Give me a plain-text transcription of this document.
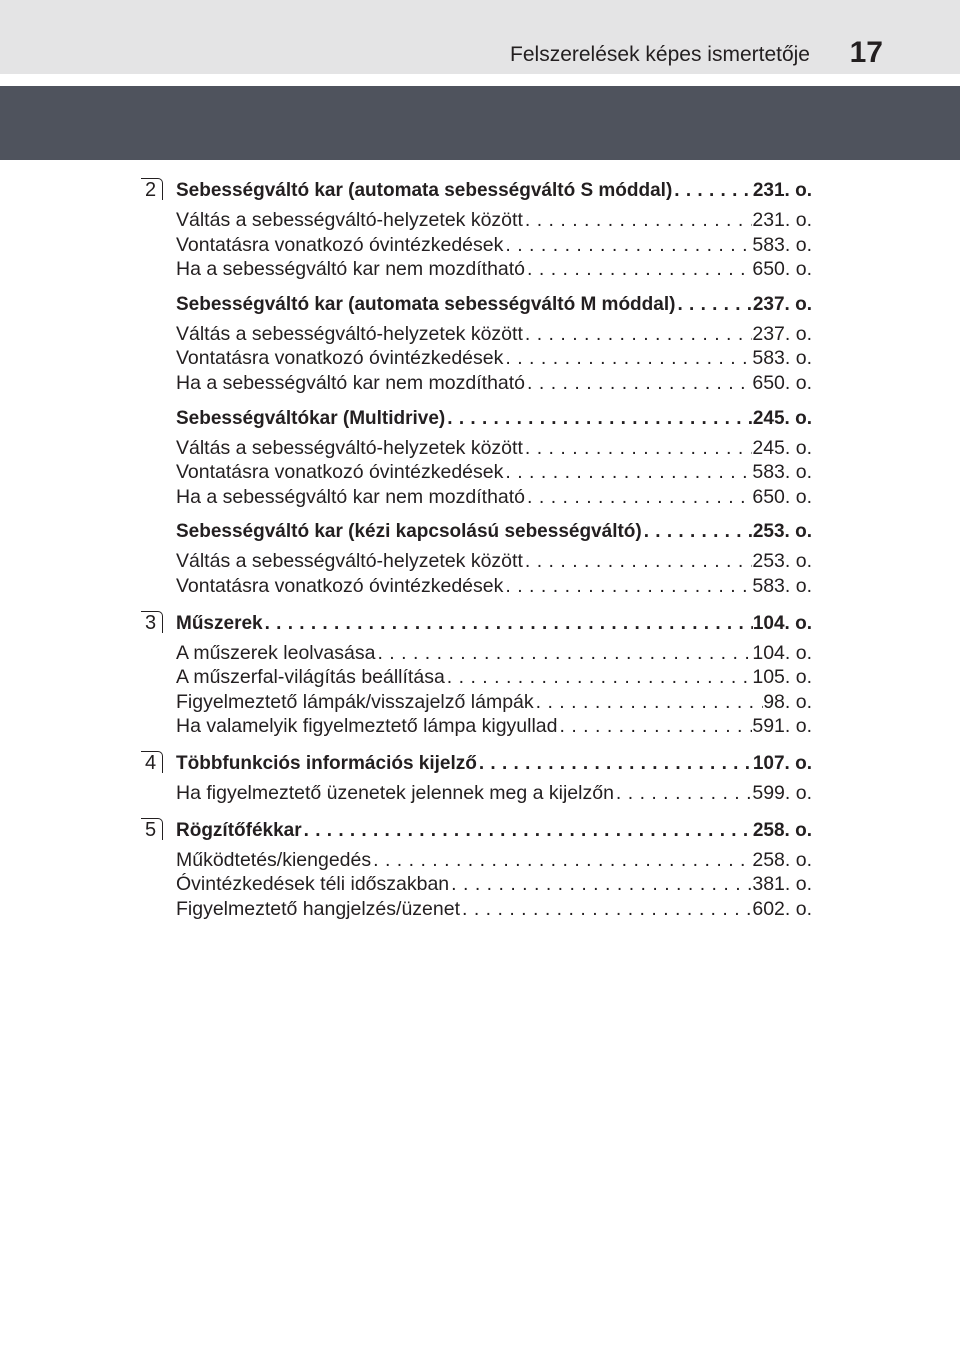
Felszerelések képes ismertetője 17
2	Sebességváltó kar (automata sebességváltó S móddal) . . .	231. o.
Váltás a sebességváltó-helyzetek között . . .	231. o.
Vontatásra vonatkozó óvintézkedések . . .	583. o.
Ha a sebességváltó kar nem mozdítható . . .	650. o.
Sebességváltó kar (automata sebességváltó M móddal) . . .	237. o.
Váltás a sebességváltó-helyzetek között . . .	237. o.
Vontatásra vonatkozó óvintézkedések . . .	583. o.
Ha a sebességváltó kar nem mozdítható . . .	650. o.
Sebességváltókar (Multidrive) . . .	245. o.
Váltás a sebességváltó-helyzetek között . . .	245. o.
Vontatásra vonatkozó óvintézkedések . . .	583. o.
Ha a sebességváltó kar nem mozdítható . . .	650. o.
Sebességváltó kar (kézi kapcsolású sebességváltó) . . .	253. o.
Váltás a sebességváltó-helyzetek között . . .	253. o.
Vontatásra vonatkozó óvintézkedések . . .	583. o.
3	Műszerek . . .	104. o.
A műszerek leolvasása . . .	104. o.
A műszerfal-világítás beállítása . . .	105. o.
Figyelmeztető lámpák/visszajelző lámpák . . .	98. o.
Ha valamelyik figyelmeztető lámpa kigyullad . . .	591. o.
4	Többfunkciós információs kijelző . . .	107. o.
Ha figyelmeztető üzenetek jelennek meg a kijelzőn . . .	599. o.
5	Rögzítőfékkar . . .	258. o.
Működtetés/kiengedés . . .	258. o.
Óvintézkedések téli időszakban . . .	381. o.
Figyelmeztető hangjelzés/üzenet . . .	602. o.
